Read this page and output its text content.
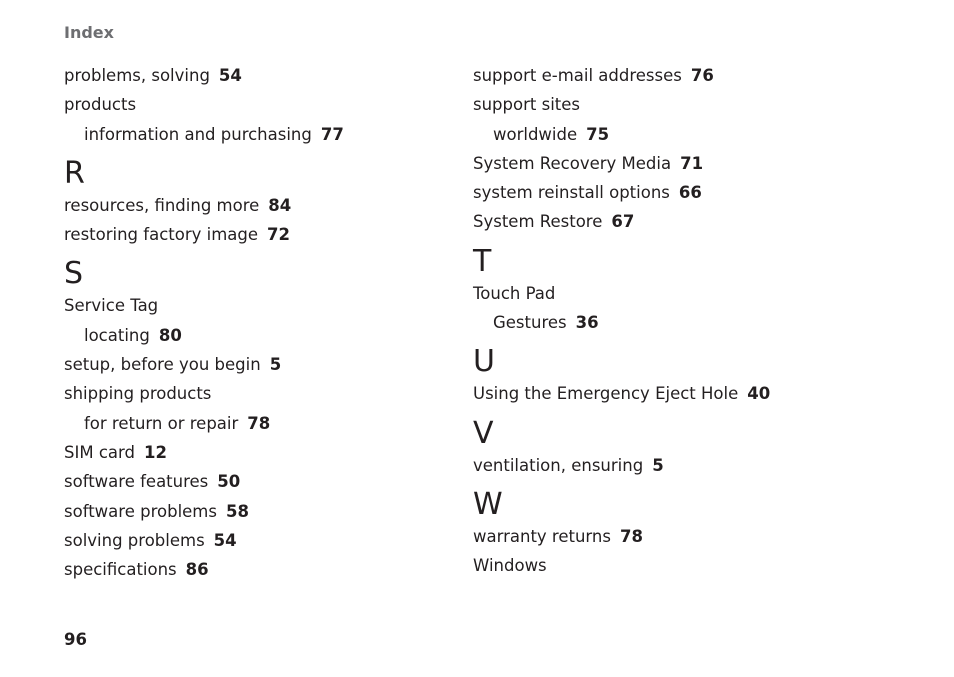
Index
problems, solving 54
products
information and purchasing 77
R
resources, finding more 84
restoring factory image 72
S
Service Tag
locating 80
setup, before you begin 5
shipping products
for return or repair 78
SIM card 12
software features 50
software problems 58
solving problems 54
specifications 86
support e-mail addresses 76
support sites
worldwide 75
System Recovery Media 71
system reinstall options 66
System Restore 67
T
Touch Pad
Gestures 36
U
Using the Emergency Eject Hole 40
V
ventilation, ensuring 5
W
warranty returns 78
Windows
96
